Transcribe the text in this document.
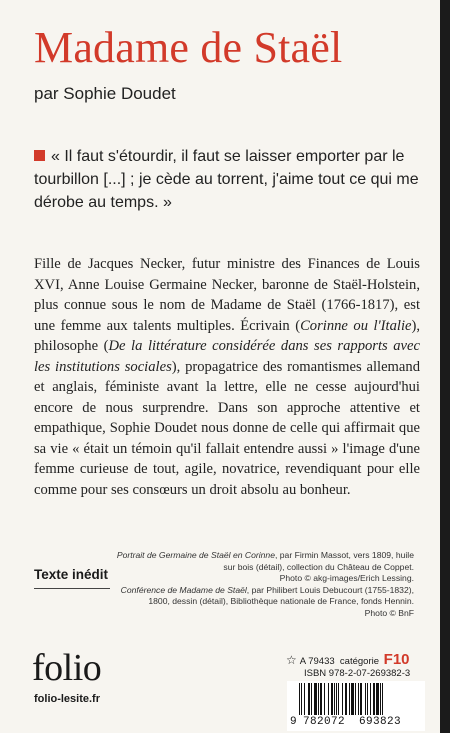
Madame de Staël
par Sophie Doudet
« Il faut s'étourdir, il faut se laisser emporter par le tourbillon [...] ; je cède au torrent, j'aime tout ce qui me dérobe au temps. »
Fille de Jacques Necker, futur ministre des Finances de Louis XVI, Anne Louise Germaine Necker, baronne de Staël-Holstein, plus connue sous le nom de Madame de Staël (1766-1817), est une femme aux talents multiples. Écrivain (Corinne ou l'Italie), philosophe (De la littérature considérée dans ses rapports avec les institutions sociales), propagatrice des romantismes allemand et anglais, féministe avant la lettre, elle ne cesse aujourd'hui encore de nous surprendre. Dans son approche attentive et empathique, Sophie Doudet nous donne de celle qui affirmait que sa vie « était un témoin qu'il fallait entendre aussi » l'image d'une femme curieuse de tout, agile, novatrice, revendiquant pour elle comme pour ses consœurs un droit absolu au bonheur.

Portrait de Germaine de Staël en Corinne, par Firmin Massot, vers 1809, huile sur bois (détail), collection du Château de Coppet.

Photo © akg-images/Erich Lessing.

Conférence de Madame de Staël, par Philibert Louis Debucourt (1755-1832), 1800, dessin (détail), Bibliothèque nationale de France, fonds Hennin.

Photo © BnF

Texte inédit
folio
folio-lesite.fr
☆ A 79433 catégorie F10
ISBN 978-2-07-269382-3
9 782072 693823
